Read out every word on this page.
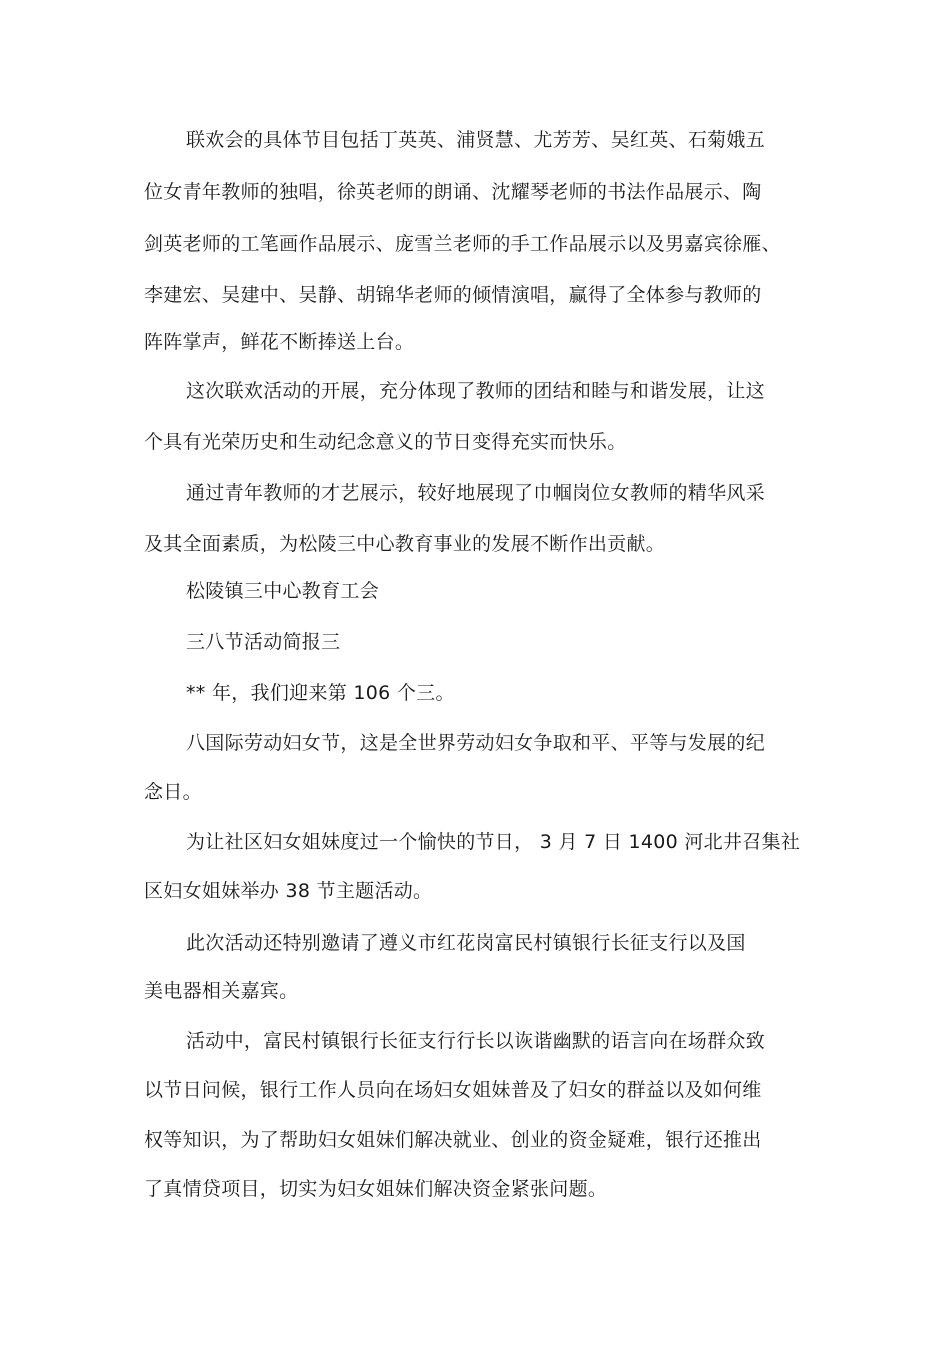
联欢会的具体节目包括丁英英、浦贤慧、尤芳芳、吴红英、石菊娥五
位女青年教师的独唱，徐英老师的朗诵、沈耀琴老师的书法作品展示、陶
剑英老师的工笔画作品展示、庞雪兰老师的手工作品展示以及男嘉宾徐雁、
李建宏、吴建中、吴静、胡锦华老师的倾情演唱，赢得了全体参与教师的
阵阵掌声，鲜花不断捧送上台。
这次联欢活动的开展，充分体现了教师的团结和睦与和谐发展，让这
个具有光荣历史和生动纪念意义的节日变得充实而快乐。
通过青年教师的才艺展示，较好地展现了巾帼岗位女教师的精华风采
及其全面素质，为松陵三中心教育事业的发展不断作出贡献。
松陵镇三中心教育工会
三八节活动简报三
** 年，我们迎来第 106 个三。
八国际劳动妇女节，这是全世界劳动妇女争取和平、平等与发展的纪
念日。
为让社区妇女姐妹度过一个愉快的节日， 3 月 7 日 1400 河北井召集社
区妇女姐妹举办 38 节主题活动。
此次活动还特别邀请了遵义市红花岗富民村镇银行长征支行以及国
美电器相关嘉宾。
活动中，富民村镇银行长征支行行长以诙谐幽默的语言向在场群众致
以节日问候，银行工作人员向在场妇女姐妹普及了妇女的群益以及如何维
权等知识，为了帮助妇女姐妹们解决就业、创业的资金疑难，银行还推出
了真情贷项目，切实为妇女姐妹们解决资金紧张问题。
